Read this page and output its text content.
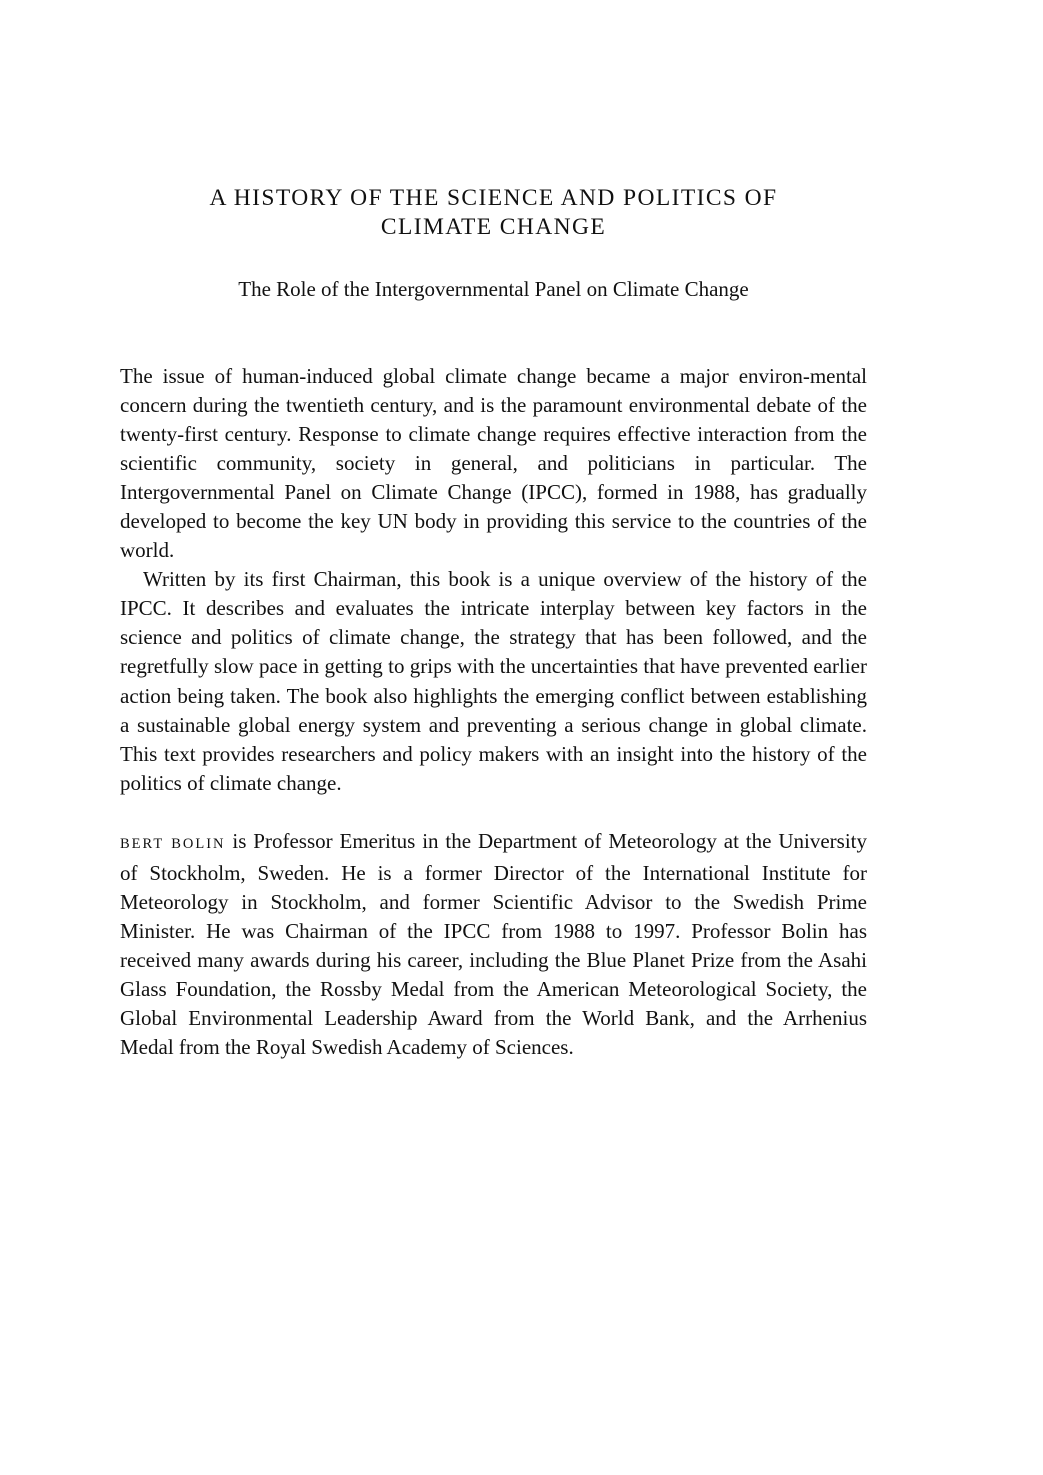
A HISTORY OF THE SCIENCE AND POLITICS OF
CLIMATE CHANGE
The Role of the Intergovernmental Panel on Climate Change

The issue of human-induced global climate change became a major environ-mental concern during the twentieth century, and is the paramount environmental debate of the twenty-first century. Response to climate change requires effective interaction from the scientific community, society in general, and politicians in particular. The Intergovernmental Panel on Climate Change (IPCC), formed in 1988, has gradually developed to become the key UN body in providing this service to the countries of the world.

Written by its first Chairman, this book is a unique overview of the history of the IPCC. It describes and evaluates the intricate interplay between key factors in the science and politics of climate change, the strategy that has been followed, and the regretfully slow pace in getting to grips with the uncertainties that have prevented earlier action being taken. The book also highlights the emerging conflict between establishing a sustainable global energy system and preventing a serious change in global climate. This text provides researchers and policy makers with an insight into the history of the politics of climate change.

BERT BOLIN is Professor Emeritus in the Department of Meteorology at the University of Stockholm, Sweden. He is a former Director of the International Institute for Meteorology in Stockholm, and former Scientific Advisor to the Swedish Prime Minister. He was Chairman of the IPCC from 1988 to 1997. Professor Bolin has received many awards during his career, including the Blue Planet Prize from the Asahi Glass Foundation, the Rossby Medal from the American Meteorological Society, the Global Environmental Leadership Award from the World Bank, and the Arrhenius Medal from the Royal Swedish Academy of Sciences.
